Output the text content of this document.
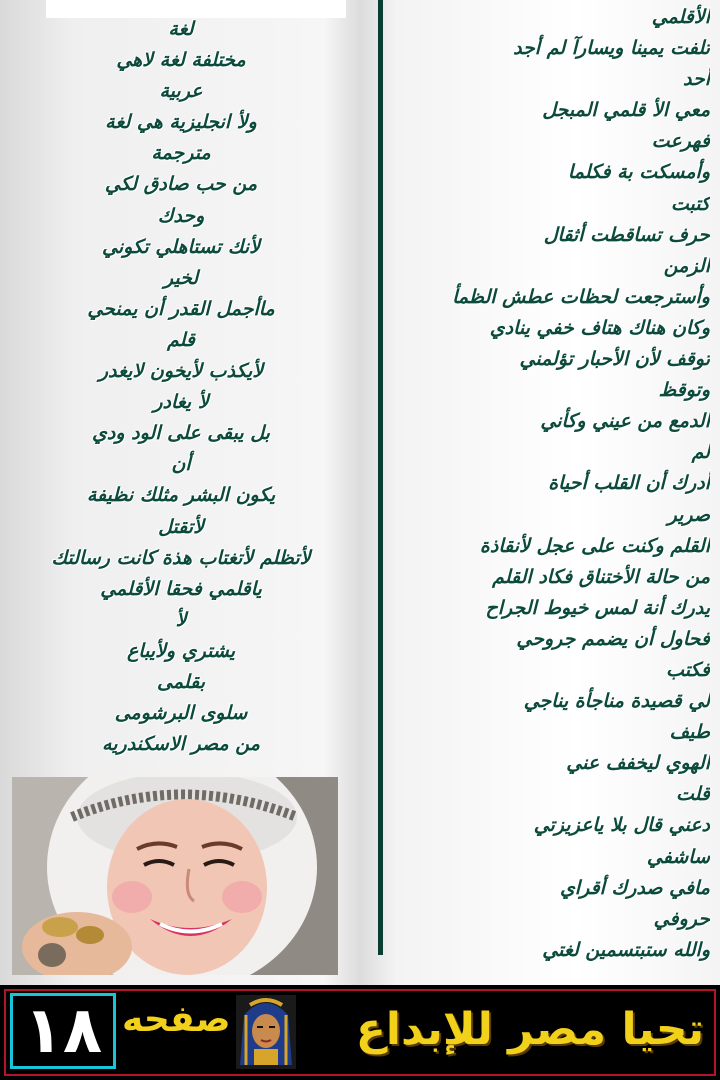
لغة
مختلفة لغة لاهي
عربية
ولأ انجليزية هي لغة
مترجمة
من حب صادق لكي
وحدك
لأنك تستاهلي تكوني
لخير
ماأجمل القدر أن يمنحي
قلم
لأيكذب لأيخون لايغدر
لأ يغادر
بل يبقى على الود ودي
أن
يكون البشر مثلك نظيفة
لأتقتل
لأتظلم لأتغتاب هذة كانت رسالتك
ياقلمي فحقا الأقلمي
لأ
يشتري ولأيباع
بقلمى
سلوى البرشومى
من مصر الاسكندريه
الأقلمي
تلفت يمينا ويسارآ لم أجد
أحد
معي الأ قلمي المبجل
فهرعت
وأمسكت بة فكلما
كتبت
حرف تساقطت أثقال
الزمن
وأسترجعت لحظات عطش الظمأ
وكان هناك هتاف خفي ينادي
توقف لأن الأحبار تؤلمني
وتوقظ
الدمع من عيني وكأني
لم
أدرك أن القلب أحياة
صرير
القلم وكنت على عجل لأنقاذة
من حالة الأختناق فكاد القلم
يدرك أنة لمس خيوط الجراح
فحاول أن يضمم جروحي
فكتب
لي قصيدة مناجأة يناجي
طيف
الهوي ليخفف عني
قلت
دعني قال بلا ياعزيزتي
ساشفي
مافي صدرك أقراي
حروفي
والله ستبتسمين لغتي
١٨ صفحه	تحيا مصر للإبداع
